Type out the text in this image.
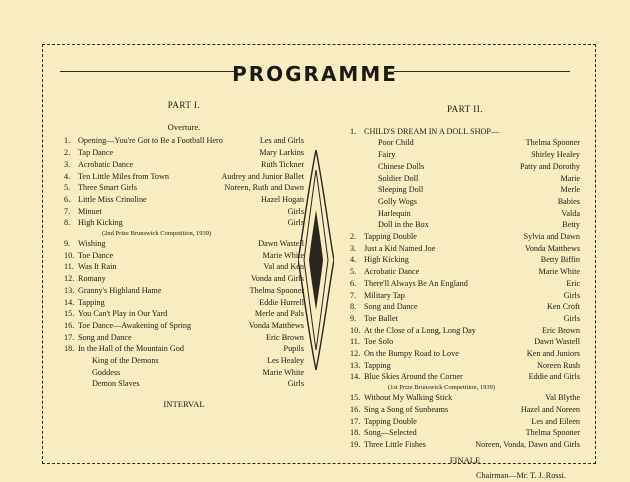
PROGRAMME
PART I.
Overture.
1. Opening—You're Got to Be a Football Hero	Les and Girls
2. Tap Dance	Mary Larkins
3. Acrobatic Dance	Ruth Tickner
4. Ten Little Miles from Town	Audrey and Junior Ballet
5. Three Smart Girls	Noreen, Ruth and Dawn
6. Little Miss Crinoline	Hazel Hogan
7. Minuet	Girls
8. High Kicking	Girls
(2nd Prize Brunswick Competition, 1939)
9. Wishing	Dawn Wastell
10. Toe Dance	Marie White
11. Was It Rain	Val and Ken
12. Romany	Vonda and Girls
13. Granny's Highland Hame	Thelma Spooner
14. Tapping	Eddie Hurrell
15. You Can't Play in Our Yard	Merle and Pals
16. Toe Dance—Awakening of Spring	Vonda Matthews
17. Song and Dance	Eric Brown
18. In the Hall of the Mountain God	Pupils
King of the Demons	Les Healey
Goddess	Marie White
Demon Slaves	Girls
INTERVAL
PART II.
1. CHILD'S DREAM IN A DOLL SHOP—
Poor Child	Thelma Spooner
Fairy	Shirley Healey
Chinese Dolls	Patty and Dorothy
Soldier Doll	Marie
Sleeping Doll	Merle
Golly Wogs	Babies
Harlequin	Valda
Doll in the Box	Betty
2. Tapping Double	Sylvia and Dawn
3. Just a Kid Named Joe	Vonda Matthews
4. High Kicking	Betty Biffin
5. Acrobatic Dance	Marie White
6. There'll Always Be An England	Eric
7. Military Tap	Girls
8. Song and Dance	Ken Croft
9. Toe Ballet	Girls
10. At the Close of a Long, Long Day	Eric Brown
11. Toe Solo	Dawn Wastell
12. On the Bumpy Road to Love	Ken and Juniors
13. Tapping	Noreen Rush
14. Blue Skies Around the Corner	Eddie and Girls
(1st Prize Brunswick Competition, 1939)
15. Without My Walking Stick	Val Blythe
16. Sing a Song of Sunbeams	Hazel and Noreen
17. Tapping Double	Les and Eileen
18. Song—Selected	Thelma Spooner
19. Three Little Fishes	Noreen, Vonda, Dawn and Girls
FINALE
Chairman—Mr. T. J. Rossi.
